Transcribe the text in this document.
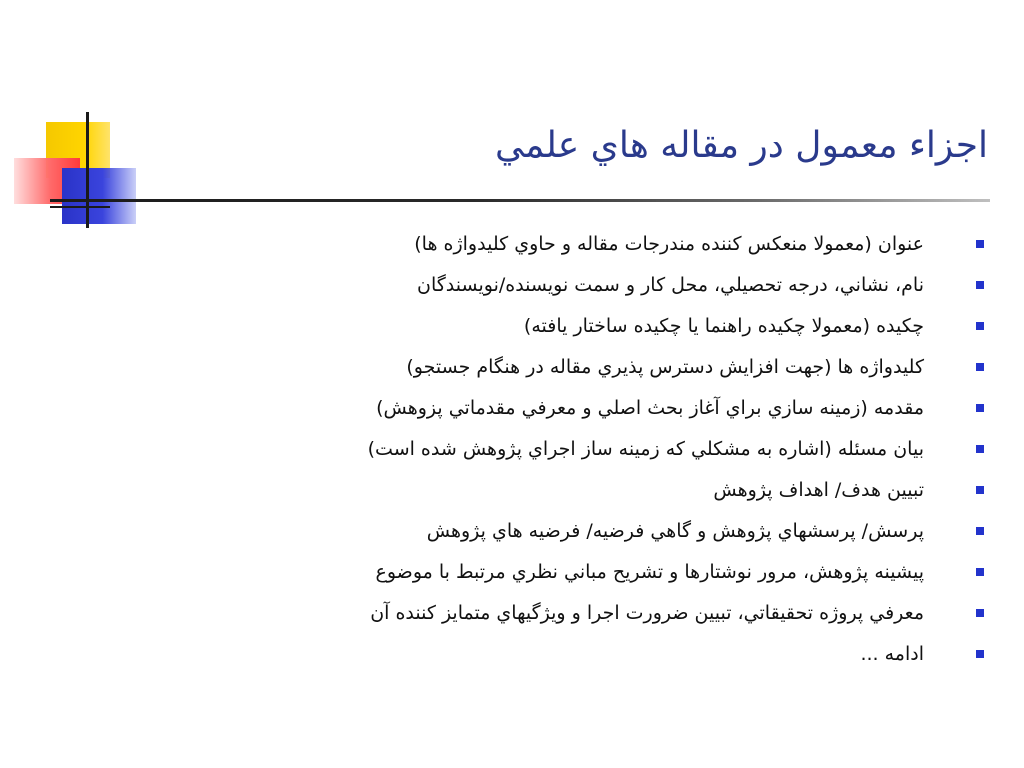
اجزاء معمول در مقاله هاي علمي
عنوان (معمولا منعكس كننده مندرجات مقاله و حاوي كليدواژه ها)
نام، نشاني، درجه تحصيلي، محل كار و سمت نويسنده/نويسندگان
چكيده (معمولا چكيده راهنما يا چكيده ساختار يافته)
كليدواژه ها (جهت افزايش دسترس پذيري مقاله در هنگام جستجو)
مقدمه (زمينه سازي براي آغاز بحث اصلي و معرفي مقدماتي پزوهش)
بيان مسئله (اشاره به مشكلي كه زمينه ساز اجراي پژوهش شده است)
تبيين هدف/ اهداف پژوهش
پرسش/ پرسشهاي پژوهش و گاهي فرضيه/ فرضيه هاي پژوهش
پيشينه پژوهش، مرور نوشتارها و تشريح مباني نظري مرتبط با موضوع
معرفي پروژه تحقيقاتي، تبيين ضرورت اجرا و ويژگيهاي متمايز كننده آن
ادامه ...
